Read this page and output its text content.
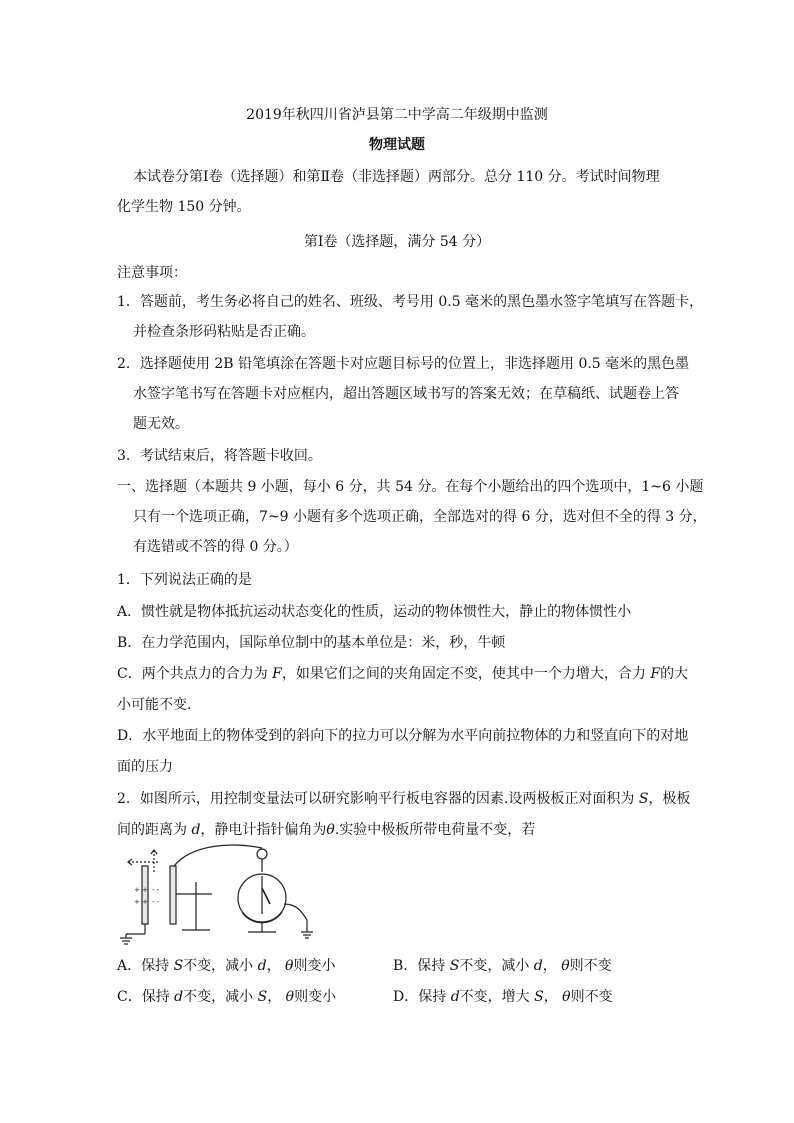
2019年秋四川省泸县第二中学高二年级期中监测
物理试题
本试卷分第Ⅰ卷（选择题）和第Ⅱ卷（非选择题）两部分。总分 110 分。考试时间物理
化学生物 150 分钟。
第Ⅰ卷（选择题，满分 54 分）
注意事项：
1．答题前，考生务必将自己的姓名、班级、考号用 0.5 毫米的黑色墨水签字笔填写在答题卡，
并检查条形码粘贴是否正确。
2．选择题使用 2B 铅笔填涂在答题卡对应题目标号的位置上，非选择题用 0.5 毫米的黑色墨
水签字笔书写在答题卡对应框内，超出答题区域书写的答案无效；在草稿纸、试题卷上答
题无效。
3．考试结束后，将答题卡收回。
一、选择题（本题共 9 小题，每小 6 分，共 54 分。在每个小题给出的四个选项中，1~6 小题
只有一个选项正确，7~9 小题有多个选项正确，全部选对的得 6 分，选对但不全的得 3 分，
有选错或不答的得 0 分。）
1．下列说法正确的是
A．惯性就是物体抵抗运动状态变化的性质，运动的物体惯性大，静止的物体惯性小
B．在力学范围内，国际单位制中的基本单位是：米，秒，牛顿
C．两个共点力的合力为 F，如果它们之间的夹角固定不变，使其中一个力增大，合力 F的大
小可能不变.
D．水平地面上的物体受到的斜向下的拉力可以分解为水平向前拉物体的力和竖直向下的对地
面的压力
2．如图所示，用控制变量法可以研究影响平行板电容器的因素.设两极板正对面积为 S，极板
间的距离为 d，静电计指针偏角为θ.实验中极板所带电荷量不变，若
+ +
+ +
- -
- -
A．保持 S不变，减小 d， θ则变小	B．保持 S不变，减小 d， θ则不变
C．保持 d不变，减小 S， θ则变小	D．保持 d不变，增大 S， θ则不变
